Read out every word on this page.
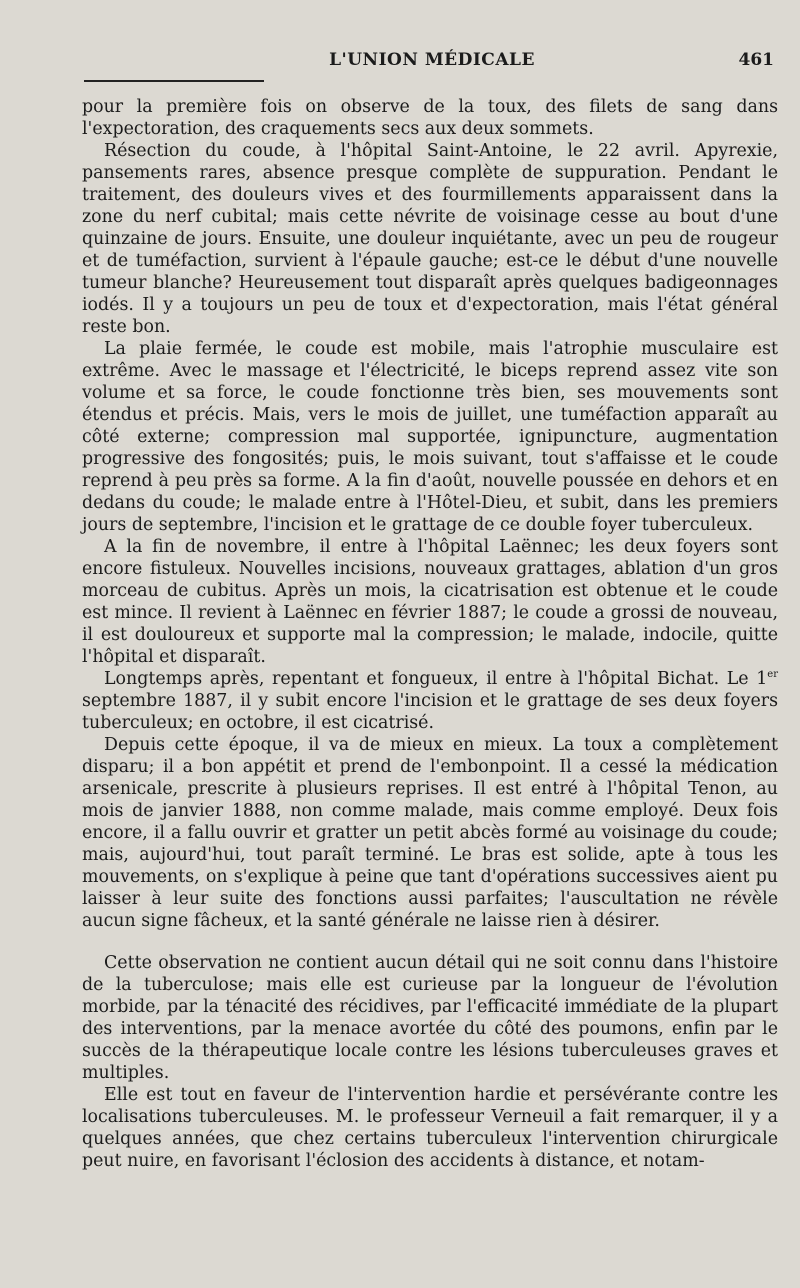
L'UNION MÉDICALE	461

pour la première fois on observe de la toux, des filets de sang dans l'expectoration, des craquements secs aux deux sommets.

Résection du coude, à l'hôpital Saint-Antoine, le 22 avril. Apyrexie, pansements rares, absence presque complète de suppuration. Pendant le traitement, des douleurs vives et des fourmillements apparaissent dans la zone du nerf cubital; mais cette névrite de voisinage cesse au bout d'une quinzaine de jours. Ensuite, une douleur inquiétante, avec un peu de rougeur et de tuméfaction, survient à l'épaule gauche; est-ce le début d'une nouvelle tumeur blanche? Heureusement tout disparaît après quelques badigeonnages iodés. Il y a toujours un peu de toux et d'expectoration, mais l'état général reste bon.

La plaie fermée, le coude est mobile, mais l'atrophie musculaire est extrême. Avec le massage et l'électricité, le biceps reprend assez vite son volume et sa force, le coude fonctionne très bien, ses mouvements sont étendus et précis. Mais, vers le mois de juillet, une tuméfaction apparaît au côté externe; compression mal supportée, ignipuncture, augmentation progressive des fongosités; puis, le mois suivant, tout s'affaisse et le coude reprend à peu près sa forme. A la fin d'août, nouvelle poussée en dehors et en dedans du coude; le malade entre à l'Hôtel-Dieu, et subit, dans les premiers jours de septembre, l'incision et le grattage de ce double foyer tuberculeux.

A la fin de novembre, il entre à l'hôpital Laënnec; les deux foyers sont encore fistuleux. Nouvelles incisions, nouveaux grattages, ablation d'un gros morceau de cubitus. Après un mois, la cicatrisation est obtenue et le coude est mince. Il revient à Laënnec en février 1887; le coude a grossi de nouveau, il est douloureux et supporte mal la compression; le malade, indocile, quitte l'hôpital et disparaît.

Longtemps après, repentant et fongueux, il entre à l'hôpital Bichat. Le 1er septembre 1887, il y subit encore l'incision et le grattage de ses deux foyers tuberculeux; en octobre, il est cicatrisé.

Depuis cette époque, il va de mieux en mieux. La toux a complètement disparu; il a bon appétit et prend de l'embonpoint. Il a cessé la médication arsenicale, prescrite à plusieurs reprises. Il est entré à l'hôpital Tenon, au mois de janvier 1888, non comme malade, mais comme employé. Deux fois encore, il a fallu ouvrir et gratter un petit abcès formé au voisinage du coude; mais, aujourd'hui, tout paraît terminé. Le bras est solide, apte à tous les mouvements, on s'explique à peine que tant d'opérations successives aient pu laisser à leur suite des fonctions aussi parfaites; l'auscultation ne révèle aucun signe fâcheux, et la santé générale ne laisse rien à désirer.

Cette observation ne contient aucun détail qui ne soit connu dans l'histoire de la tuberculose; mais elle est curieuse par la longueur de l'évolution morbide, par la ténacité des récidives, par l'efficacité immédiate de la plupart des interventions, par la menace avortée du côté des poumons, enfin par le succès de la thérapeutique locale contre les lésions tuberculeuses graves et multiples.

Elle est tout en faveur de l'intervention hardie et persévérante contre les localisations tuberculeuses. M. le professeur Verneuil a fait remarquer, il y a quelques années, que chez certains tuberculeux l'intervention chirurgicale peut nuire, en favorisant l'éclosion des accidents à distance, et notam-
